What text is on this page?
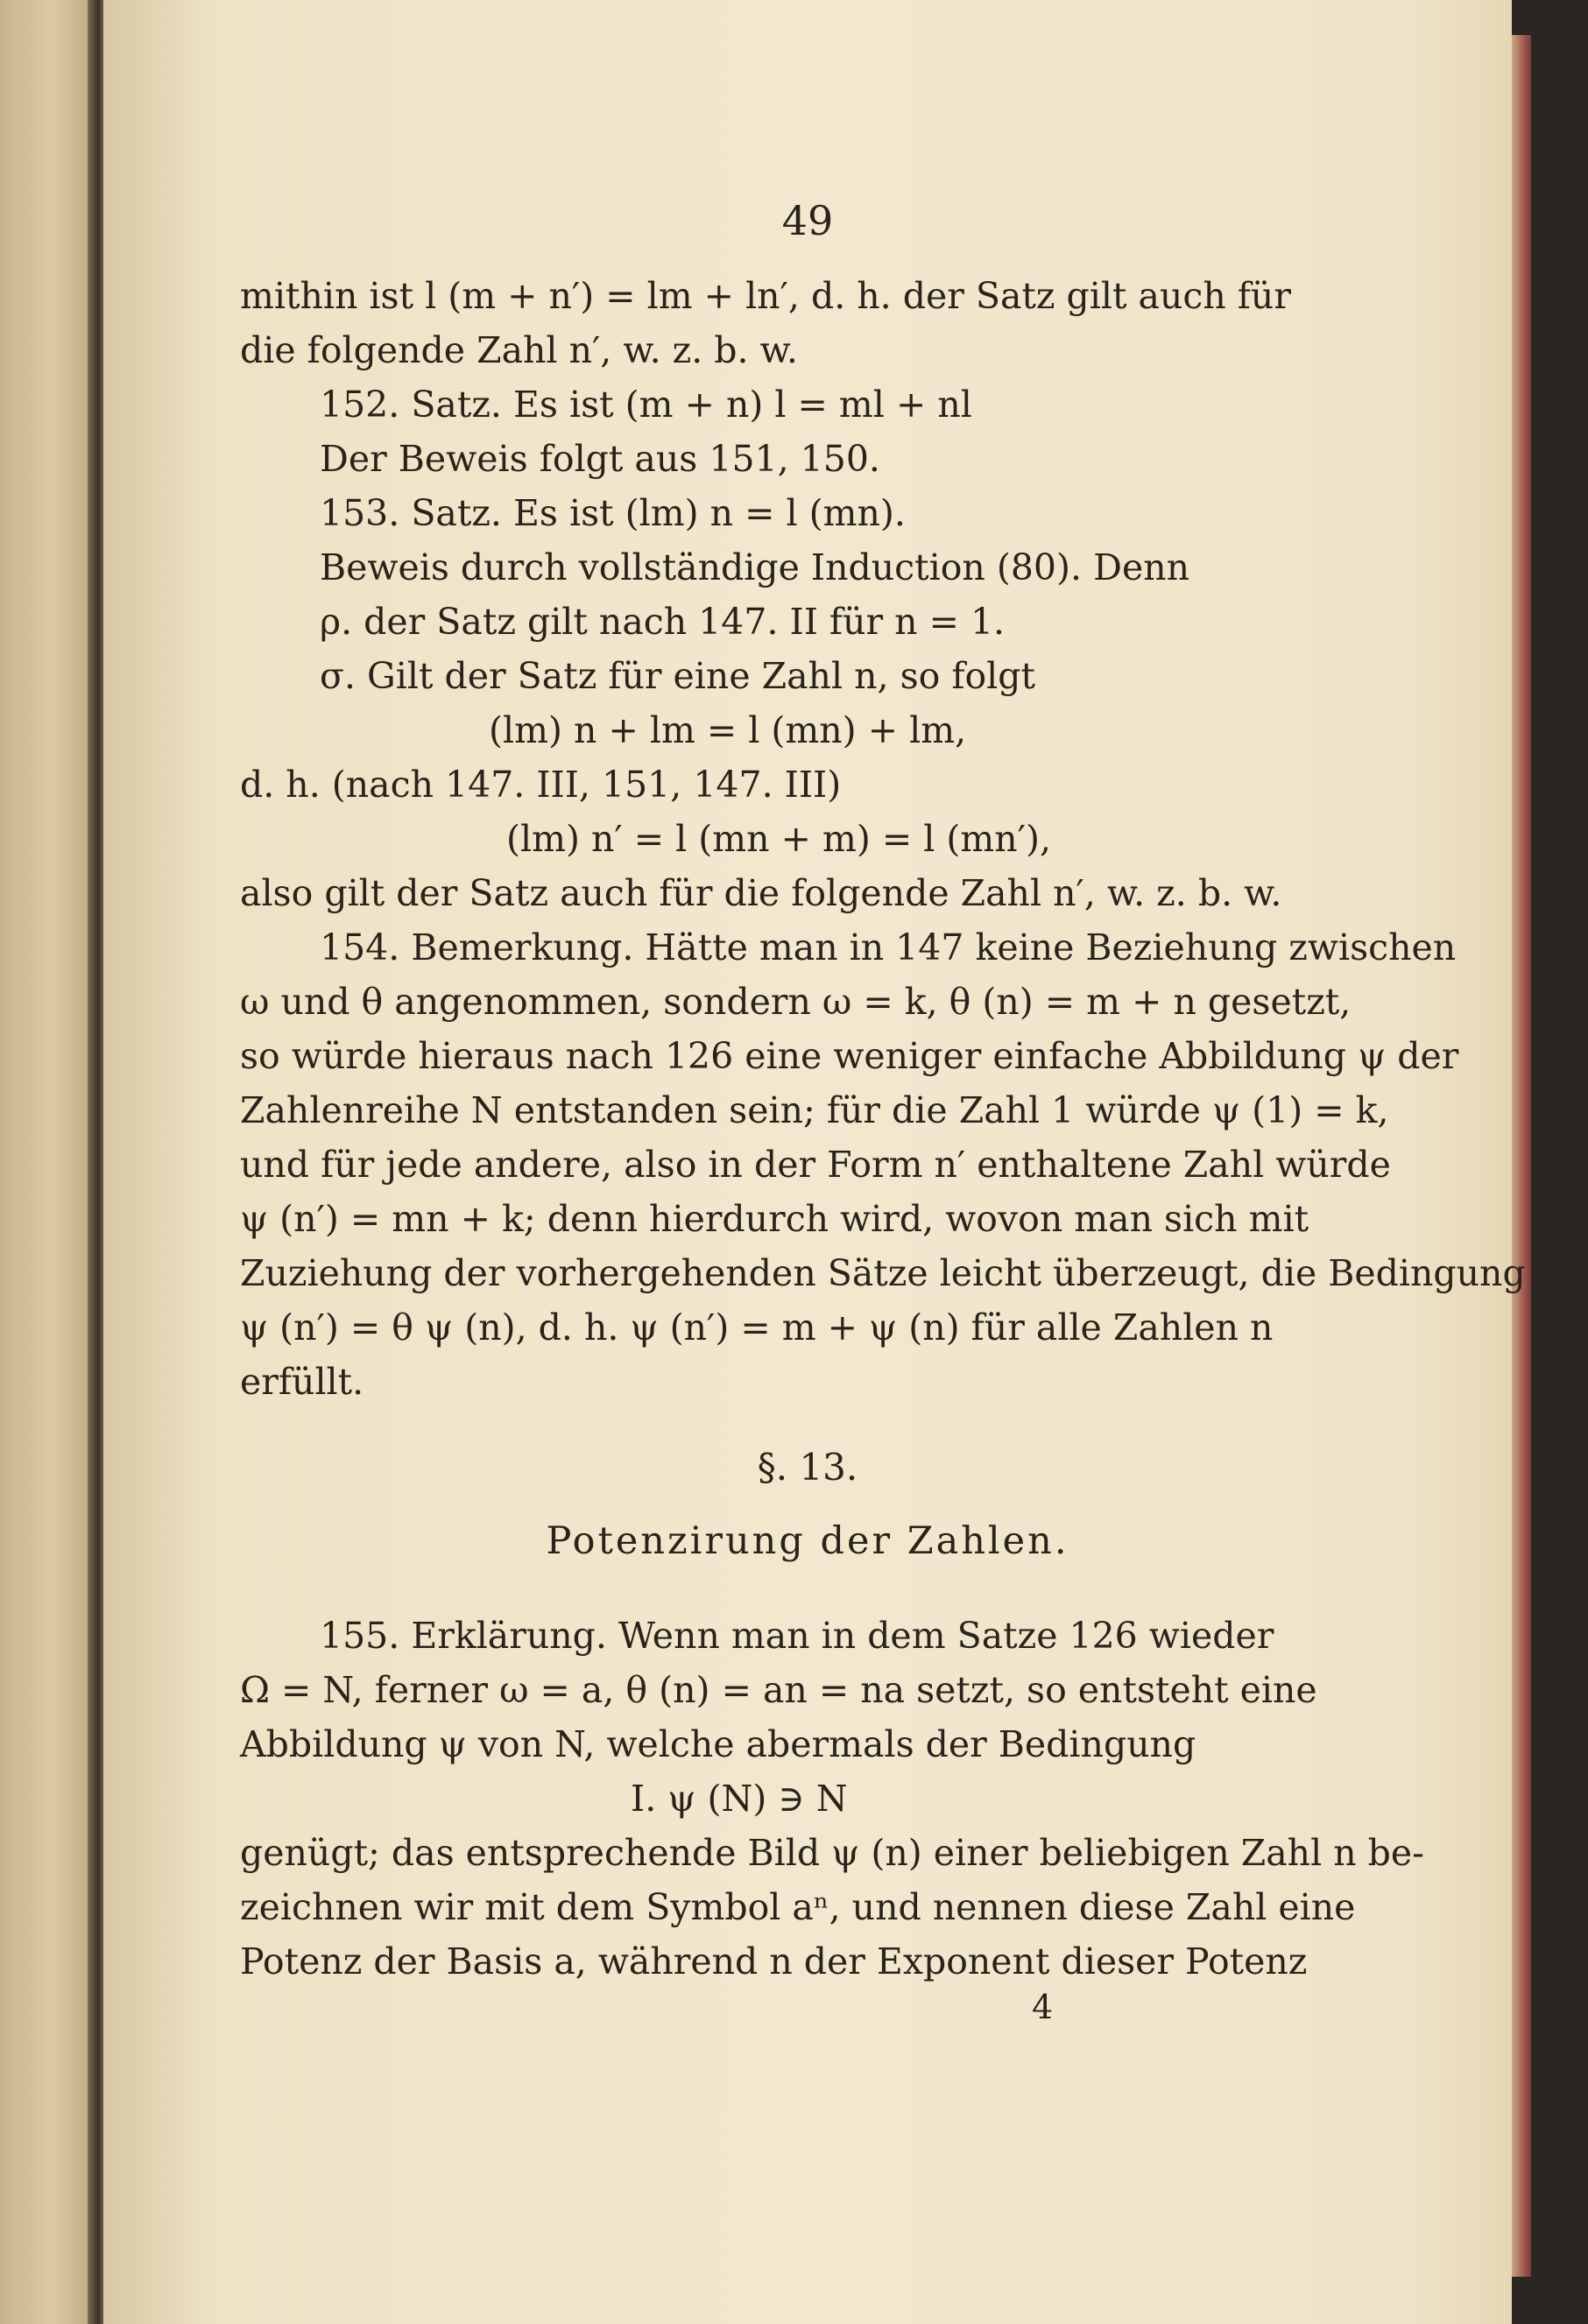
49
mithin ist l (m + n′) = lm + ln′, d. h. der Satz gilt auch für
die folgende Zahl n′, w. z. b. w.
152. Satz. Es ist (m + n) l = ml + nl
Der Beweis folgt aus 151, 150.
153. Satz. Es ist (lm) n = l (mn).
Beweis durch vollständige Induction (80). Denn
ρ. der Satz gilt nach 147. II für n = 1.
σ. Gilt der Satz für eine Zahl n, so folgt
(lm) n + lm = l (mn) + lm,
d. h. (nach 147. III, 151, 147. III)
(lm) n′ = l (mn + m) = l (mn′),
also gilt der Satz auch für die folgende Zahl n′, w. z. b. w.
154. Bemerkung. Hätte man in 147 keine Beziehung zwischen
ω und θ angenommen, sondern ω = k, θ (n) = m + n gesetzt,
so würde hieraus nach 126 eine weniger einfache Abbildung ψ der
Zahlenreihe N entstanden sein; für die Zahl 1 würde ψ (1) = k,
und für jede andere, also in der Form n′ enthaltene Zahl würde
ψ (n′) = mn + k; denn hierdurch wird, wovon man sich mit
Zuziehung der vorhergehenden Sätze leicht überzeugt, die Bedingung
ψ (n′) = θ ψ (n), d. h. ψ (n′) = m + ψ (n) für alle Zahlen n
erfüllt.
§. 13.
Potenzirung der Zahlen.
155. Erklärung. Wenn man in dem Satze 126 wieder
Ω = N, ferner ω = a, θ (n) = an = na setzt, so entsteht eine
Abbildung ψ von N, welche abermals der Bedingung
I. ψ (N) ∋ N
genügt; das entsprechende Bild ψ (n) einer beliebigen Zahl n be-
zeichnen wir mit dem Symbol aⁿ, und nennen diese Zahl eine
Potenz der Basis a, während n der Exponent dieser Potenz
4
